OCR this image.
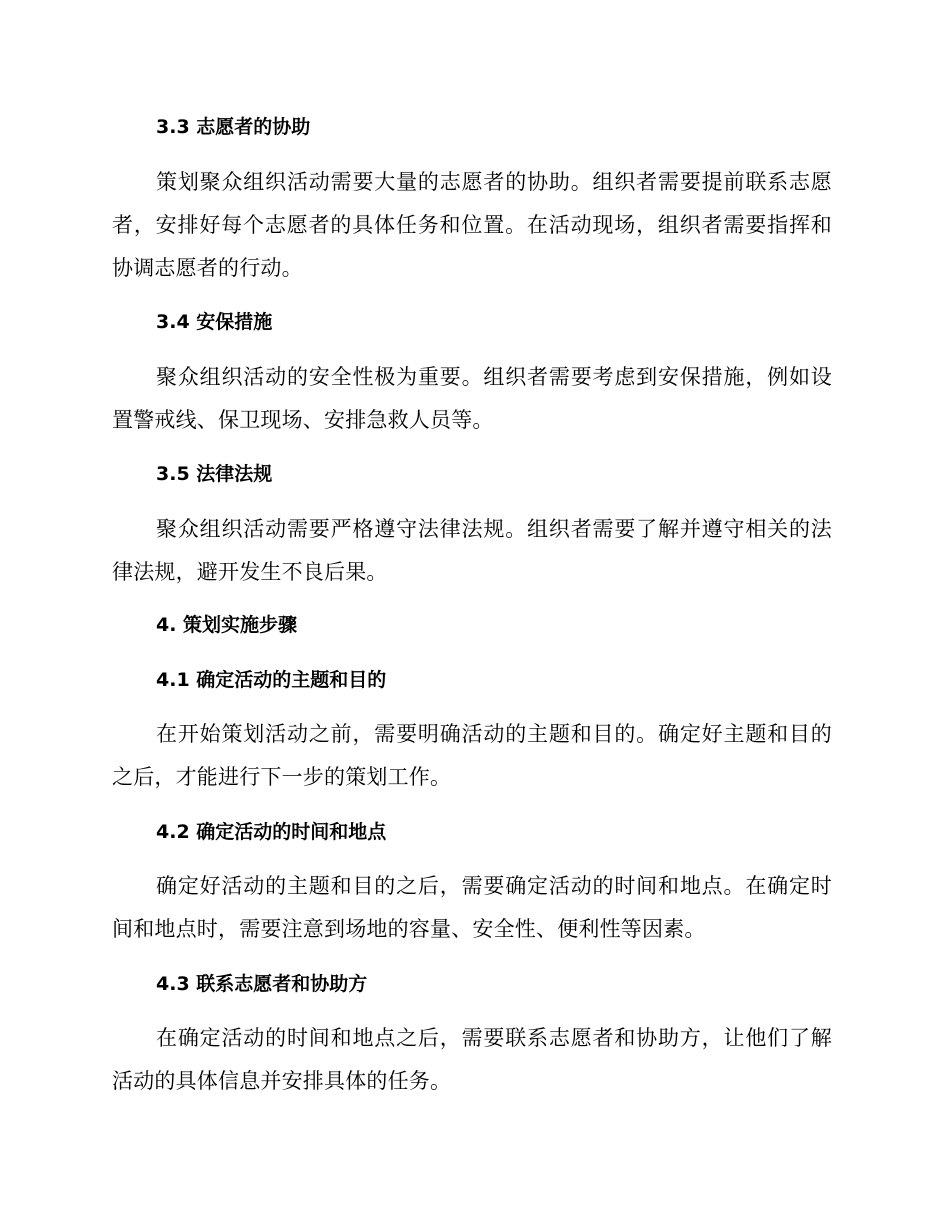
3.3 志愿者的协助
策划聚众组织活动需要大量的志愿者的协助。组织者需要提前联系志愿者，安排好每个志愿者的具体任务和位置。在活动现场，组织者需要指挥和协调志愿者的行动。
3.4 安保措施
聚众组织活动的安全性极为重要。组织者需要考虑到安保措施，例如设置警戒线、保卫现场、安排急救人员等。
3.5 法律法规
聚众组织活动需要严格遵守法律法规。组织者需要了解并遵守相关的法律法规，避开发生不良后果。
4. 策划实施步骤
4.1 确定活动的主题和目的
在开始策划活动之前，需要明确活动的主题和目的。确定好主题和目的之后，才能进行下一步的策划工作。
4.2 确定活动的时间和地点
确定好活动的主题和目的之后，需要确定活动的时间和地点。在确定时间和地点时，需要注意到场地的容量、安全性、便利性等因素。
4.3 联系志愿者和协助方
在确定活动的时间和地点之后，需要联系志愿者和协助方，让他们了解活动的具体信息并安排具体的任务。
